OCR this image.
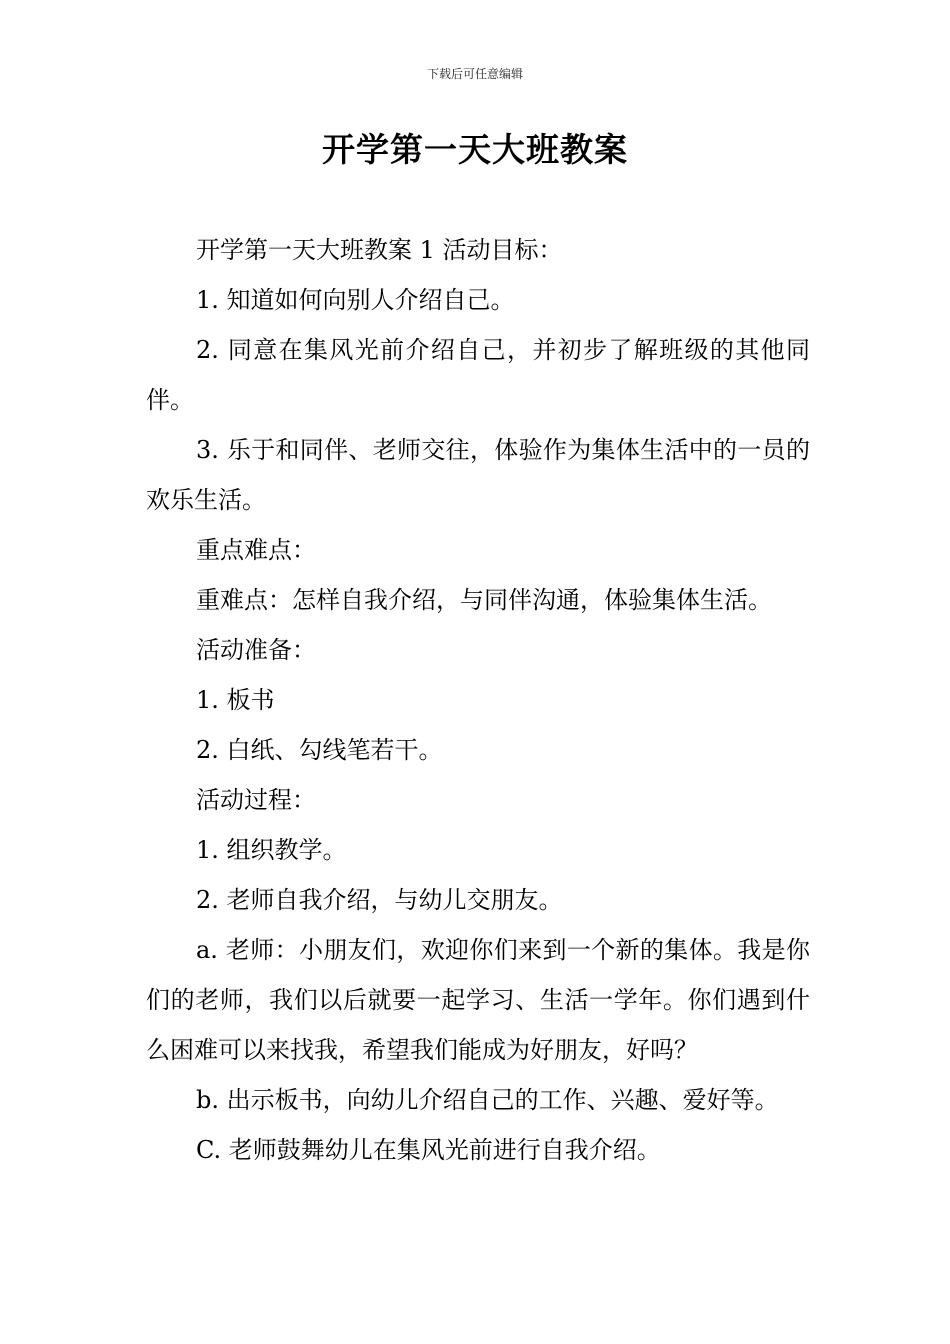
下载后可任意编辑
开学第一天大班教案

开学第一天大班教案 1 活动目标：

1. 知道如何向别人介绍自己。

2. 同意在集风光前介绍自己，并初步了解班级的其他同伴。

3. 乐于和同伴、老师交往，体验作为集体生活中的一员的欢乐生活。

重点难点：

重难点：怎样自我介绍，与同伴沟通，体验集体生活。

活动准备：

1. 板书

2. 白纸、勾线笔若干。

活动过程：

1. 组织教学。

2. 老师自我介绍，与幼儿交朋友。

a. 老师：小朋友们，欢迎你们来到一个新的集体。我是你们的老师，我们以后就要一起学习、生活一学年。你们遇到什么困难可以来找我，希望我们能成为好朋友，好吗？

b. 出示板书，向幼儿介绍自己的工作、兴趣、爱好等。

C. 老师鼓舞幼儿在集风光前进行自我介绍。
